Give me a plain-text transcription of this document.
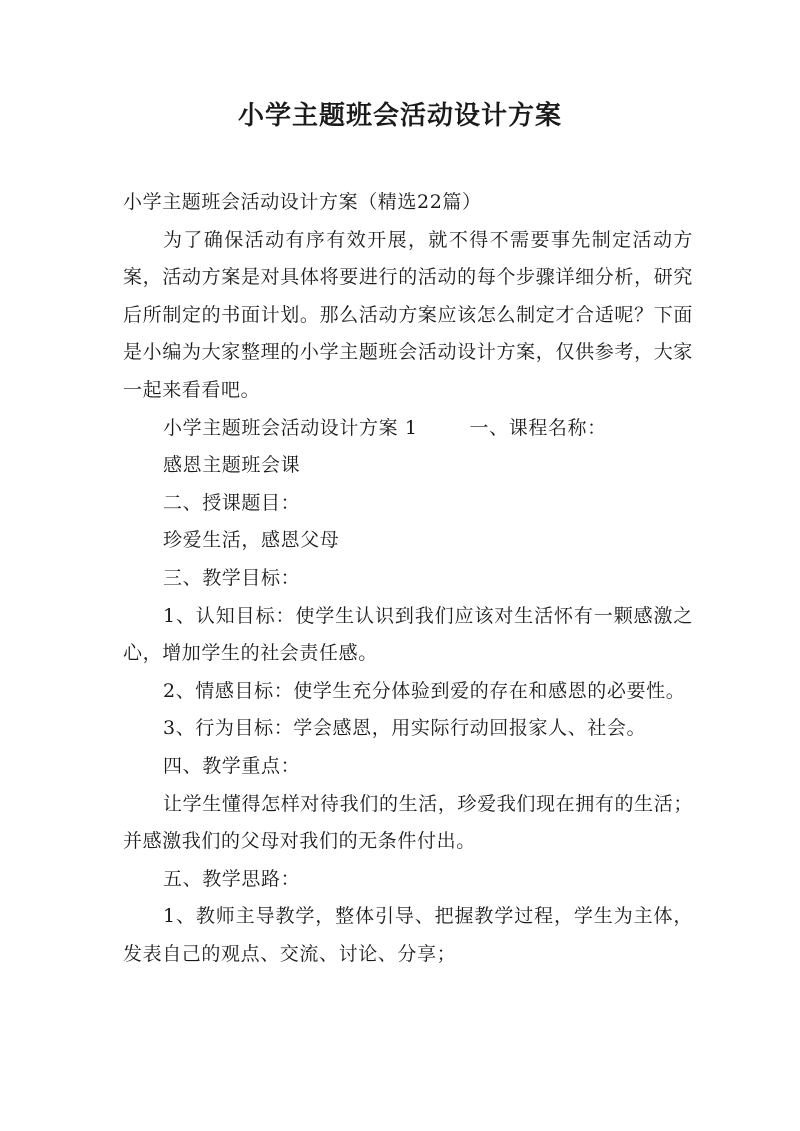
小学主题班会活动设计方案

小学主题班会活动设计方案（精选22篇）

为了确保活动有序有效开展，就不得不需要事先制定活动方案，活动方案是对具体将要进行的活动的每个步骤详细分析，研究后所制定的书面计划。那么活动方案应该怎么制定才合适呢？下面是小编为大家整理的小学主题班会活动设计方案，仅供参考，大家一起来看看吧。

小学主题班会活动设计方案 1	一、课程名称：

感恩主题班会课

二、授课题目：

珍爱生活，感恩父母

三、教学目标：

1、认知目标：使学生认识到我们应该对生活怀有一颗感激之心，增加学生的社会责任感。

2、情感目标：使学生充分体验到爱的存在和感恩的必要性。

3、行为目标：学会感恩，用实际行动回报家人、社会。

四、教学重点：

让学生懂得怎样对待我们的生活，珍爱我们现在拥有的生活；并感激我们的父母对我们的无条件付出。

五、教学思路：

1、教师主导教学，整体引导、把握教学过程，学生为主体，发表自己的观点、交流、讨论、分享；
